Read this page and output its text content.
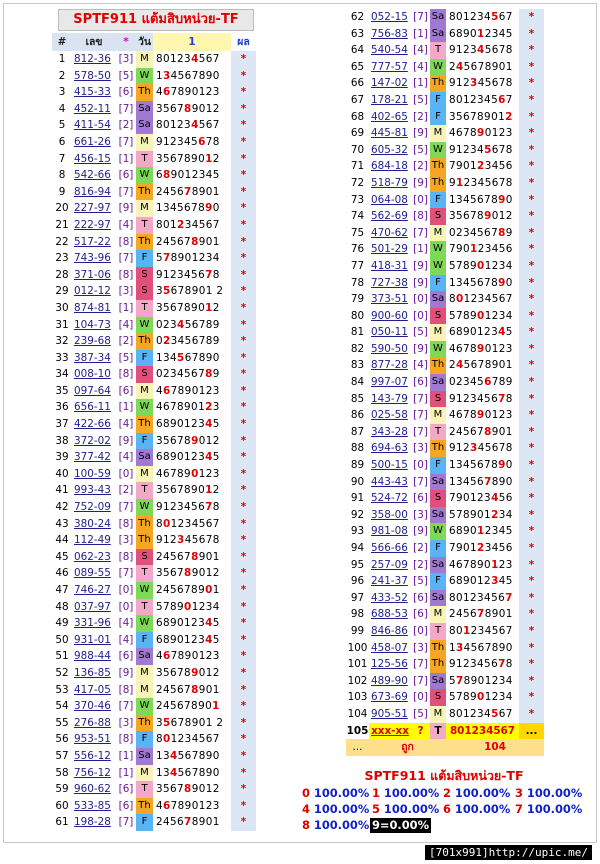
SPTF911 แต้มสิบหน่วย-TF
#	เลข	*	วัน	1	ผล
1	812-36	[3]	M	801234567	*
2	578-50	[5]	W	134567890	*
3	415-33	[6]	Th	467890123	*
4	452-11	[7]	Sa	356789012	*
5	411-54	[2]	Sa	801234567	*
6	661-26	[7]	M	912345678	*
7	456-15	[1]	T	356789012	*
8	542-66	[6]	W	689012345	*
9	816-94	[7]	Th	245678901	*
20	227-97	[9]	M	134567890	*
21	222-97	[4]	T	801234567	*
22	517-22	[8]	Th	245678901	*
23	743-96	[7]	F	578901234	*
28	371-06	[8]	S	912345678	*
29	012-12	[3]	S	35678901 2	*
30	874-81	[1]	T	356789012	*
31	104-73	[4]	W	023456789	*
32	239-68	[2]	Th	023456789	*
33	387-34	[5]	F	134567890	*
34	008-10	[8]	S	023456789	*
35	097-64	[6]	M	467890123	*
36	656-11	[1]	W	467890123	*
37	422-66	[4]	Th	689012345	*
38	372-02	[9]	F	356789012	*
39	377-42	[4]	Sa	689012345	*
40	100-59	[0]	M	467890123	*
41	993-43	[2]	T	356789012	*
42	752-09	[7]	W	912345678	*
43	380-24	[8]	Th	801234567	*
44	112-49	[3]	Th	912345678	*
45	062-23	[8]	S	245678901	*
46	089-55	[7]	T	356789012	*
47	746-27	[0]	W	245678901	*
48	037-97	[0]	T	578901234	*
49	331-96	[4]	W	689012345	*
50	931-01	[4]	F	689012345	*
51	988-44	[6]	Sa	467890123	*
52	136-85	[9]	M	356789012	*
53	417-05	[8]	M	245678901	*
54	370-46	[7]	W	245678901	*
55	276-88	[3]	Th	35678901 2	*
56	953-51	[8]	F	801234567	*
57	556-12	[1]	Sa	134567890	*
58	756-12	[1]	M	134567890	*
59	960-62	[6]	T	356789012	*
60	533-85	[6]	Th	467890123	*
61	198-28	[7]	F	245678901	*
62	052-15	[7]	Sa	801234567	*
63	756-83	[1]	Sa	689012345	*
64	540-54	[4]	T	912345678	*
65	777-57	[4]	W	245678901	*
66	147-02	[1]	Th	912345678	*
67	178-21	[5]	F	801234567	*
68	402-65	[2]	F	356789012	*
69	445-81	[9]	M	467890123	*
70	605-32	[5]	W	912345678	*
71	684-18	[2]	Th	790123456	*
72	518-79	[9]	Th	912345678	*
73	064-08	[0]	F	134567890	*
74	562-69	[8]	S	356789012	*
75	470-62	[7]	M	023456789	*
76	501-29	[1]	W	790123456	*
77	418-31	[9]	W	578901234	*
78	727-38	[9]	F	134567890	*
79	373-51	[0]	Sa	801234567	*
80	900-60	[0]	S	578901234	*
81	050-11	[5]	M	689012345	*
82	590-50	[9]	W	467890123	*
83	877-28	[4]	Th	245678901	*
84	997-07	[6]	Sa	023456789	*
85	143-79	[7]	S	912345678	*
86	025-58	[7]	M	467890123	*
87	343-28	[7]	T	245678901	*
88	694-63	[3]	Th	912345678	*
89	500-15	[0]	F	134567890	*
90	443-43	[7]	Sa	134567890	*
91	524-72	[6]	S	790123456	*
92	358-00	[3]	Sa	578901234	*
93	981-08	[9]	W	689012345	*
94	566-66	[2]	F	790123456	*
95	257-09	[2]	Sa	467890123	*
96	241-37	[5]	F	689012345	*
97	433-52	[6]	Sa	801234567	*
98	688-53	[6]	M	245678901	*
99	846-86	[0]	T	801234567	*
100	458-07	[3]	Th	134567890	*
101	125-56	[7]	Th	912345678	*
102	489-90	[7]	Sa	578901234	*
103	673-69	[0]	S	578901234	*
104	905-51	[5]	M	801234567	*
105	xxx-xx	?	T	801234567	...
...	ถูก			104	
SPTF911 แต้มสิบหน่วย-TF
0 100.00% 1 100.00% 2 100.00% 3 100.00%
4 100.00% 5 100.00% 6 100.00% 7 100.00%
8 100.00% 9=0.00%
[701x991]http://upic.me/
